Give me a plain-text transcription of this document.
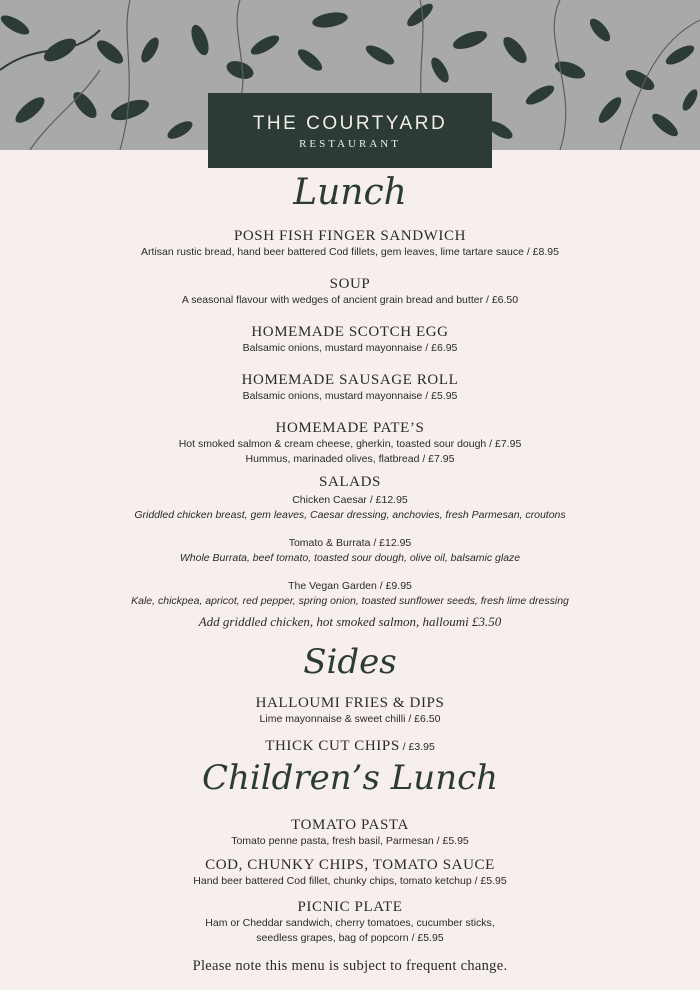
THE COURTYARD
RESTAURANT
Lunch
POSH FISH FINGER SANDWICH
Artisan rustic bread, hand beer battered Cod fillets, gem leaves, lime tartare sauce / £8.95
SOUP
A seasonal flavour with wedges of ancient grain bread and butter / £6.50
HOMEMADE SCOTCH EGG
Balsamic onions, mustard mayonnaise / £6.95
HOMEMADE SAUSAGE ROLL
Balsamic onions, mustard mayonnaise / £5.95
HOMEMADE PATE’S
Hot smoked salmon & cream cheese, gherkin, toasted sour dough / £7.95
Hummus, marinaded olives, flatbread / £7.95
SALADS
Chicken Caesar / £12.95
Griddled chicken breast, gem leaves, Caesar dressing, anchovies, fresh Parmesan, croutons
Tomato & Burrata / £12.95
Whole Burrata, beef tomato, toasted sour dough, olive oil, balsamic glaze
The Vegan Garden / £9.95
Kale, chickpea, apricot, red pepper, spring onion, toasted sunflower seeds, fresh lime dressing
Add griddled chicken, hot smoked salmon, halloumi £3.50
Sides
HALLOUMI FRIES & DIPS
Lime mayonnaise & sweet chilli / £6.50
THICK CUT CHIPS / £3.95
Children’s Lunch
TOMATO PASTA
Tomato penne pasta, fresh basil, Parmesan / £5.95
COD, CHUNKY CHIPS, TOMATO SAUCE
Hand beer battered Cod fillet, chunky chips, tomato ketchup / £5.95
PICNIC PLATE
Ham or Cheddar sandwich, cherry tomatoes, cucumber sticks,
seedless grapes, bag of popcorn / £5.95
Please note this menu is subject to frequent change.
